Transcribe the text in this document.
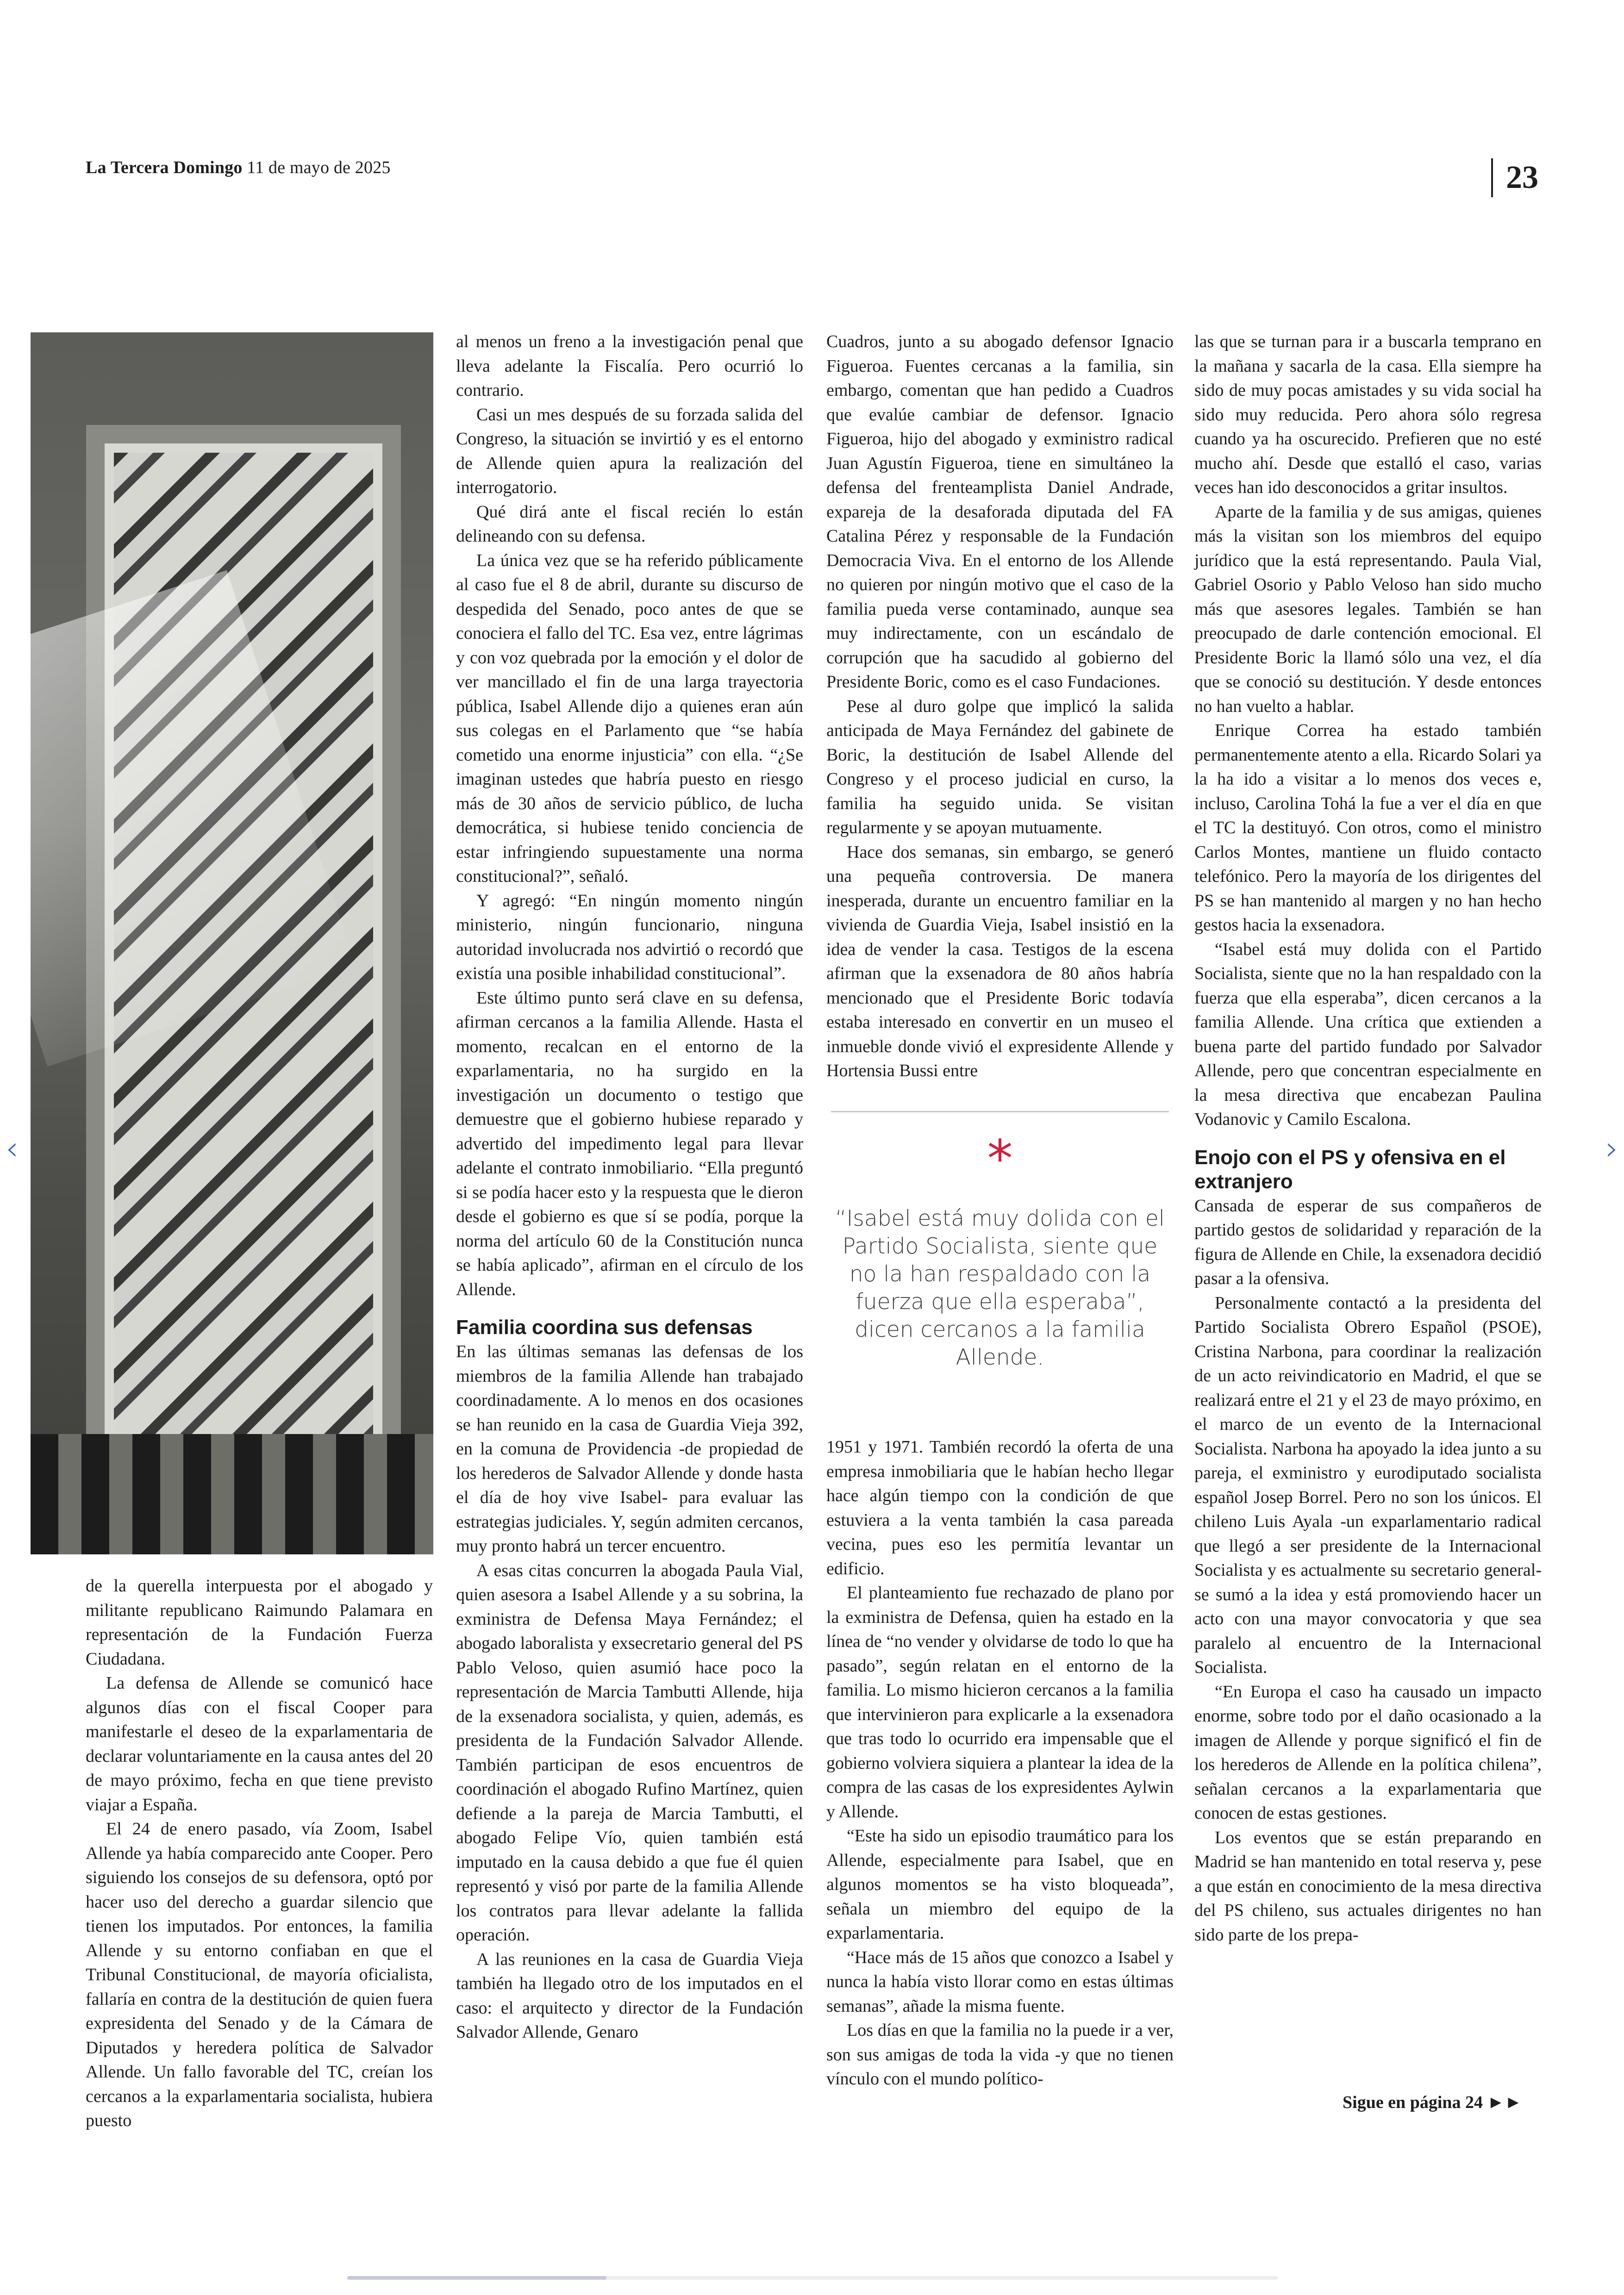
La Tercera Domingo 11 de mayo de 2025	23

de la querella interpuesta por el abogado y militante republicano Raimundo Palamara en representación de la Fundación Fuerza Ciudadana.

La defensa de Allende se comunicó hace algunos días con el fiscal Cooper para manifestarle el deseo de la exparlamentaria de declarar voluntariamente en la causa antes del 20 de mayo próximo, fecha en que tiene previsto viajar a España.

El 24 de enero pasado, vía Zoom, Isabel Allende ya había comparecido ante Cooper. Pero siguiendo los consejos de su defensora, optó por hacer uso del derecho a guardar silencio que tienen los imputados. Por entonces, la familia Allende y su entorno confiaban en que el Tribunal Constitucional, de mayoría oficialista, fallaría en contra de la destitución de quien fuera expresidenta del Senado y de la Cámara de Diputados y heredera política de Salvador Allende. Un fallo favorable del TC, creían los cercanos a la exparlamentaria socialista, hubiera puesto

al menos un freno a la investigación penal que lleva adelante la Fiscalía. Pero ocurrió lo contrario.

Casi un mes después de su forzada salida del Congreso, la situación se invirtió y es el entorno de Allende quien apura la realización del interrogatorio.

Qué dirá ante el fiscal recién lo están delineando con su defensa.

La única vez que se ha referido públicamente al caso fue el 8 de abril, durante su discurso de despedida del Senado, poco antes de que se conociera el fallo del TC. Esa vez, entre lágrimas y con voz quebrada por la emoción y el dolor de ver mancillado el fin de una larga trayectoria pública, Isabel Allende dijo a quienes eran aún sus colegas en el Parlamento que “se había cometido una enorme injusticia” con ella. “¿Se imaginan ustedes que habría puesto en riesgo más de 30 años de servicio público, de lucha democrática, si hubiese tenido conciencia de estar infringiendo supuestamente una norma constitucional?”, señaló.

Y agregó: “En ningún momento ningún ministerio, ningún funcionario, ninguna autoridad involucrada nos advirtió o recordó que existía una posible inhabilidad constitucional”.

Este último punto será clave en su defensa, afirman cercanos a la familia Allende. Hasta el momento, recalcan en el entorno de la exparlamentaria, no ha surgido en la investigación un documento o testigo que demuestre que el gobierno hubiese reparado y advertido del impedimento legal para llevar adelante el contrato inmobiliario. “Ella preguntó si se podía hacer esto y la respuesta que le dieron desde el gobierno es que sí se podía, porque la norma del artículo 60 de la Constitución nunca se había aplicado”, afirman en el círculo de los Allende.

Familia coordina sus defensas

En las últimas semanas las defensas de los miembros de la familia Allende han trabajado coordinadamente. A lo menos en dos ocasiones se han reunido en la casa de Guardia Vieja 392, en la comuna de Providencia -de propiedad de los herederos de Salvador Allende y donde hasta el día de hoy vive Isabel- para evaluar las estrategias judiciales. Y, según admiten cercanos, muy pronto habrá un tercer encuentro.

A esas citas concurren la abogada Paula Vial, quien asesora a Isabel Allende y a su sobrina, la exministra de Defensa Maya Fernández; el abogado laboralista y exsecretario general del PS Pablo Veloso, quien asumió hace poco la representación de Marcia Tambutti Allende, hija de la exsenadora socialista, y quien, además, es presidenta de la Fundación Salvador Allende. También participan de esos encuentros de coordinación el abogado Rufino Martínez, quien defiende a la pareja de Marcia Tambutti, el abogado Felipe Vío, quien también está imputado en la causa debido a que fue él quien representó y visó por parte de la familia Allende los contratos para llevar adelante la fallida operación.

A las reuniones en la casa de Guardia Vieja también ha llegado otro de los imputados en el caso: el arquitecto y director de la Fundación Salvador Allende, Genaro

Cuadros, junto a su abogado defensor Ignacio Figueroa. Fuentes cercanas a la familia, sin embargo, comentan que han pedido a Cuadros que evalúe cambiar de defensor. Ignacio Figueroa, hijo del abogado y exministro radical Juan Agustín Figueroa, tiene en simultáneo la defensa del frenteamplista Daniel Andrade, expareja de la desaforada diputada del FA Catalina Pérez y responsable de la Fundación Democracia Viva. En el entorno de los Allende no quieren por ningún motivo que el caso de la familia pueda verse contaminado, aunque sea muy indirectamente, con un escándalo de corrupción que ha sacudido al gobierno del Presidente Boric, como es el caso Fundaciones.

Pese al duro golpe que implicó la salida anticipada de Maya Fernández del gabinete de Boric, la destitución de Isabel Allende del Congreso y el proceso judicial en curso, la familia ha seguido unida. Se visitan regularmente y se apoyan mutuamente.

Hace dos semanas, sin embargo, se generó una pequeña controversia. De manera inesperada, durante un encuentro familiar en la vivienda de Guardia Vieja, Isabel insistió en la idea de vender la casa. Testigos de la escena afirman que la exsenadora de 80 años habría mencionado que el Presidente Boric todavía estaba interesado en convertir en un museo el inmueble donde vivió el expresidente Allende y Hortensia Bussi entre

*
“Isabel está muy dolida con el Partido Socialista, siente que no la han respaldado con la fuerza que ella esperaba”, dicen cercanos a la familia Allende.

1951 y 1971. También recordó la oferta de una empresa inmobiliaria que le habían hecho llegar hace algún tiempo con la condición de que estuviera a la venta también la casa pareada vecina, pues eso les permitía levantar un edificio.

El planteamiento fue rechazado de plano por la exministra de Defensa, quien ha estado en la línea de “no vender y olvidarse de todo lo que ha pasado”, según relatan en el entorno de la familia. Lo mismo hicieron cercanos a la familia que intervinieron para explicarle a la exsenadora que tras todo lo ocurrido era impensable que el gobierno volviera siquiera a plantear la idea de la compra de las casas de los expresidentes Aylwin y Allende.

“Este ha sido un episodio traumático para los Allende, especialmente para Isabel, que en algunos momentos se ha visto bloqueada”, señala un miembro del equipo de la exparlamentaria.

“Hace más de 15 años que conozco a Isabel y nunca la había visto llorar como en estas últimas semanas”, añade la misma fuente.

Los días en que la familia no la puede ir a ver, son sus amigas de toda la vida -y que no tienen vínculo con el mundo político-

las que se turnan para ir a buscarla temprano en la mañana y sacarla de la casa. Ella siempre ha sido de muy pocas amistades y su vida social ha sido muy reducida. Pero ahora sólo regresa cuando ya ha oscurecido. Prefieren que no esté mucho ahí. Desde que estalló el caso, varias veces han ido desconocidos a gritar insultos.

Aparte de la familia y de sus amigas, quienes más la visitan son los miembros del equipo jurídico que la está representando. Paula Vial, Gabriel Osorio y Pablo Veloso han sido mucho más que asesores legales. También se han preocupado de darle contención emocional. El Presidente Boric la llamó sólo una vez, el día que se conoció su destitución. Y desde entonces no han vuelto a hablar.

Enrique Correa ha estado también permanentemente atento a ella. Ricardo Solari ya la ha ido a visitar a lo menos dos veces e, incluso, Carolina Tohá la fue a ver el día en que el TC la destituyó. Con otros, como el ministro Carlos Montes, mantiene un fluido contacto telefónico. Pero la mayoría de los dirigentes del PS se han mantenido al margen y no han hecho gestos hacia la exsenadora.

“Isabel está muy dolida con el Partido Socialista, siente que no la han respaldado con la fuerza que ella esperaba”, dicen cercanos a la familia Allende. Una crítica que extienden a buena parte del partido fundado por Salvador Allende, pero que concentran especialmente en la mesa directiva que encabezan Paulina Vodanovic y Camilo Escalona.

Enojo con el PS y ofensiva en el extranjero

Cansada de esperar de sus compañeros de partido gestos de solidaridad y reparación de la figura de Allende en Chile, la exsenadora decidió pasar a la ofensiva.

Personalmente contactó a la presidenta del Partido Socialista Obrero Español (PSOE), Cristina Narbona, para coordinar la realización de un acto reivindicatorio en Madrid, el que se realizará entre el 21 y el 23 de mayo próximo, en el marco de un evento de la Internacional Socialista. Narbona ha apoyado la idea junto a su pareja, el exministro y eurodiputado socialista español Josep Borrel. Pero no son los únicos. El chileno Luis Ayala -un exparlamentario radical que llegó a ser presidente de la Internacional Socialista y es actualmente su secretario general- se sumó a la idea y está promoviendo hacer un acto con una mayor convocatoria y que sea paralelo al encuentro de la Internacional Socialista.

“En Europa el caso ha causado un impacto enorme, sobre todo por el daño ocasionado a la imagen de Allende y porque significó el fin de los herederos de Allende en la política chilena”, señalan cercanos a la exparlamentaria que conocen de estas gestiones.

Los eventos que se están preparando en Madrid se han mantenido en total reserva y, pese a que están en conocimiento de la mesa directiva del PS chileno, sus actuales dirigentes no han sido parte de los prepa-

Sigue en página 24 ►►
‹	›
